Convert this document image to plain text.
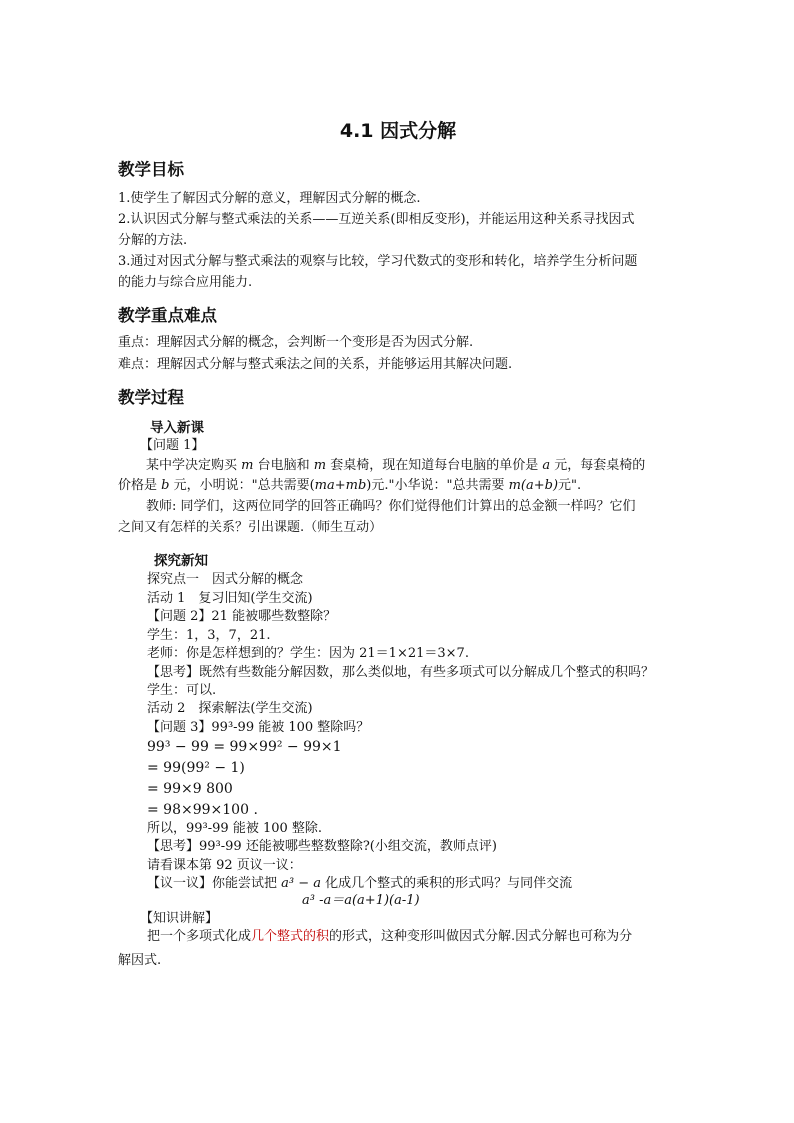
4.1 因式分解
教学目标
1.使学生了解因式分解的意义，理解因式分解的概念.
2.认识因式分解与整式乘法的关系——互逆关系(即相反变形)，并能运用这种关系寻找因式
分解的方法.
3.通过对因式分解与整式乘法的观察与比较，学习代数式的变形和转化，培养学生分析问题
的能力与综合应用能力.
教学重点难点
重点：理解因式分解的概念，会判断一个变形是否为因式分解.
难点：理解因式分解与整式乘法之间的关系，并能够运用其解决问题.
教学过程
导入新课
【问题 1】
某中学决定购买 m 台电脑和 m 套桌椅，现在知道每台电脑的单价是 a 元，每套桌椅的
价格是 b 元，小明说："总共需要(ma+mb)元."小华说："总共需要 m(a+b)元".
教师: 同学们，这两位同学的回答正确吗？你们觉得他们计算出的总金额一样吗？它们
之间又有怎样的关系？引出课题.（师生互动）
探究新知
探究点一　因式分解的概念
活动 1　复习旧知(学生交流)
【问题 2】21 能被哪些数整除？
学生：1，3，7，21.
老师：你是怎样想到的？学生：因为 21＝1×21＝3×7.
【思考】既然有些数能分解因数，那么类似地，有些多项式可以分解成几个整式的积吗？
学生：可以.
活动 2　探索解法(学生交流)
【问题 3】99³-99 能被 100 整除吗？
99³ − 99 = 99×99² − 99×1
= 99(99² − 1)
= 99×9 800
= 98×99×100 .
所以，99³-99 能被 100 整除.
【思考】99³-99 还能被哪些整数整除?(小组交流，教师点评)
请看课本第 92 页议一议：
【议一议】你能尝试把 a³ − a 化成几个整式的乘积的形式吗？与同伴交流
a³ -a＝a(a+1)(a-1)
【知识讲解】
把一个多项式化成几个整式的积的形式，这种变形叫做因式分解.因式分解也可称为分
解因式.
